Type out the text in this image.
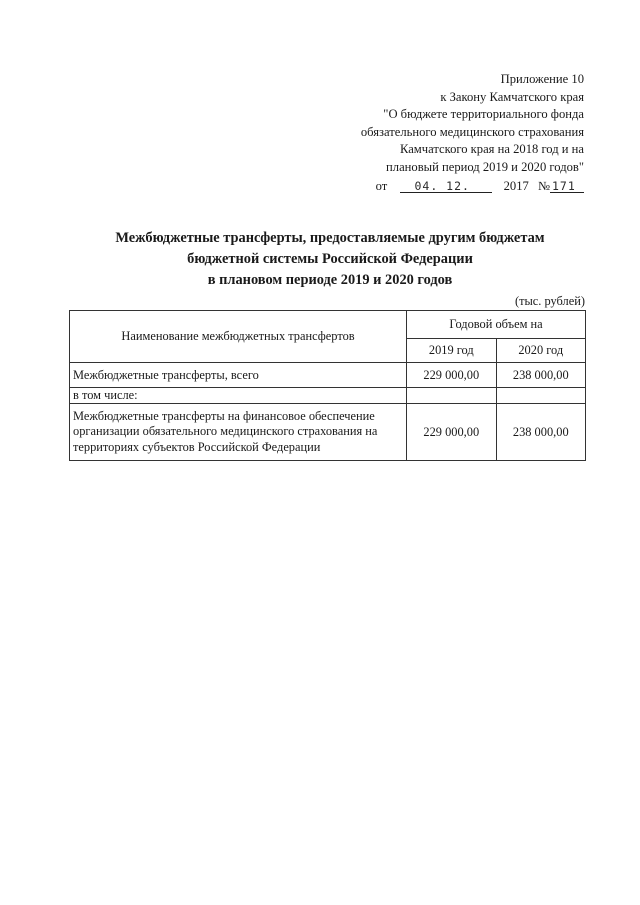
Приложение 10
к Закону Камчатского края
"О бюджете территориального фонда
обязательного медицинского страхования
Камчатского края на 2018 год и на
плановый период 2019 и 2020 годов"
от 04. 12.	2017 № 171
Межбюджетные трансферты, предоставляемые другим бюджетам
бюджетной системы Российской Федерации
в плановом периоде 2019 и 2020 годов
(тыс. рублей)
Наименование межбюджетных трансфертов	Годовой объем на	
	2019 год	2020 год
Межбюджетные трансферты, всего	229 000,00	238 000,00
в том числе:		
Межбюджетные трансферты на финансовое обеспечение организации обязательного медицинского страхования на территориях субъектов Российской Федерации	229 000,00	238 000,00
